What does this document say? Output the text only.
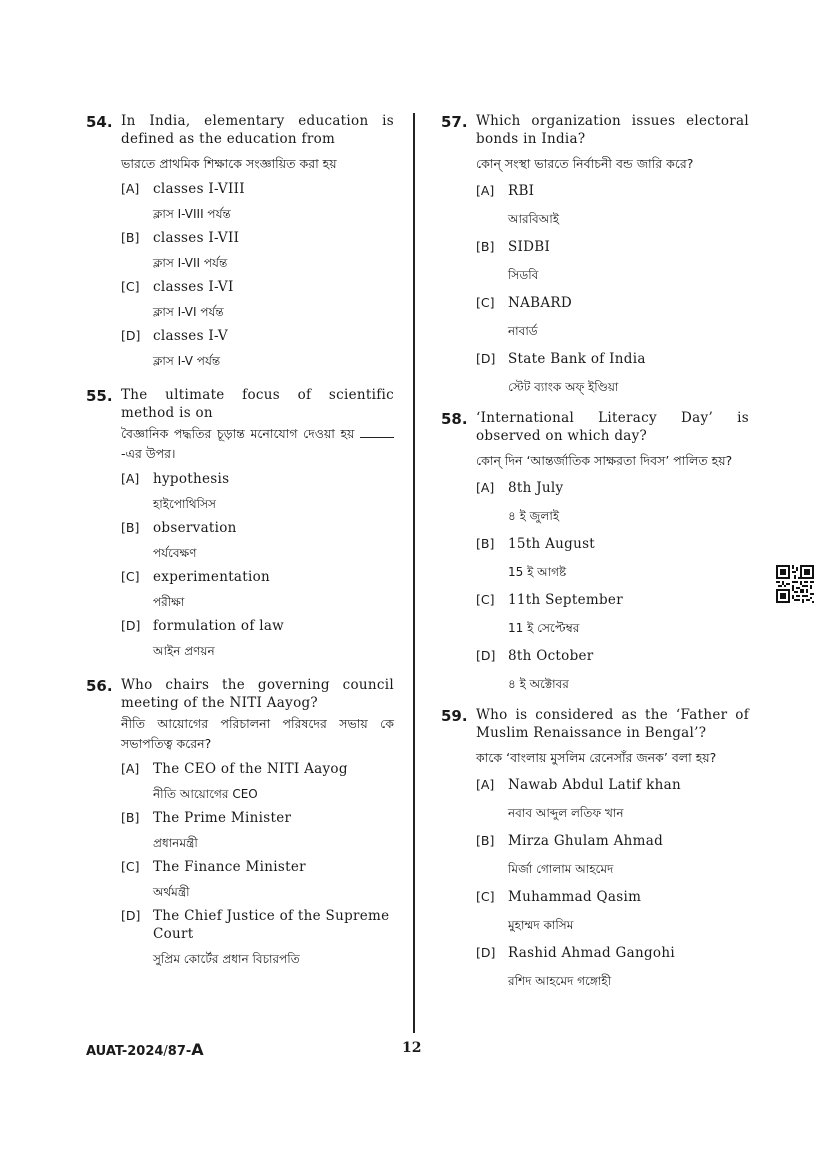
54. In India, elementary education is defined as the education from
ভারতে প্রাথমিক শিক্ষাকে সংজ্ঞায়িত করা হয়
[A] classes I-VIII
ক্লাস I-VIII পর্যন্ত
[B] classes I-VII
ক্লাস I-VII পর্যন্ত
[C] classes I-VI
ক্লাস I-VI পর্যন্ত
[D] classes I-V
ক্লাস I-V পর্যন্ত
55. The ultimate focus of scientific method is on
বৈজ্ঞানিক পদ্ধতির চূড়ান্ত মনোযোগ দেওয়া হয় -এর উপর।
[A] hypothesis
হাইপোথিসিস
[B] observation
পর্যবেক্ষণ
[C] experimentation
পরীক্ষা
[D] formulation of law
আইন প্রণয়ন
56. Who chairs the governing council meeting of the NITI Aayog?
নীতি আয়োগের পরিচালনা পরিষদের সভায় কে সভাপতিত্ব করেন?
[A] The CEO of the NITI Aayog
নীতি আয়োগের CEO
[B] The Prime Minister
প্রধানমন্ত্রী
[C] The Finance Minister
অর্থমন্ত্রী
[D] The Chief Justice of the Supreme Court
সুপ্রিম কোর্টের প্রধান বিচারপতি
57. Which organization issues electoral bonds in India?
কোন্ সংস্থা ভারতে নির্বাচনী বন্ড জারি করে?
[A] RBI
আরবিআই
[B] SIDBI
সিডবি
[C] NABARD
নাবার্ড
[D] State Bank of India
স্টেট ব্যাংক অফ্ ইণ্ডিয়া
58. ‘International Literacy Day’ is observed on which day?
কোন্ দিন ‘আন্তর্জাতিক সাক্ষরতা দিবস’ পালিত হয়?
[A] 8th July
৪ ই জুলাই
[B] 15th August
15 ই আগষ্ট
[C] 11th September
11 ই সেপ্টেম্বর
[D] 8th October
৪ ই অক্টোবর
59. Who is considered as the ‘Father of Muslim Renaissance in Bengal’?
কাকে ‘বাংলায় মুসলিম রেনেসাঁর জনক’ বলা হয়?
[A] Nawab Abdul Latif khan
নবাব আব্দুল লতিফ খান
[B] Mirza Ghulam Ahmad
মির্জা গোলাম আহমেদ
[C] Muhammad Qasim
মুহাম্মদ কাসিম
[D] Rashid Ahmad Gangohi
রশিদ আহমেদ গঙ্গোহী
AUAT-2024/87-A	12
